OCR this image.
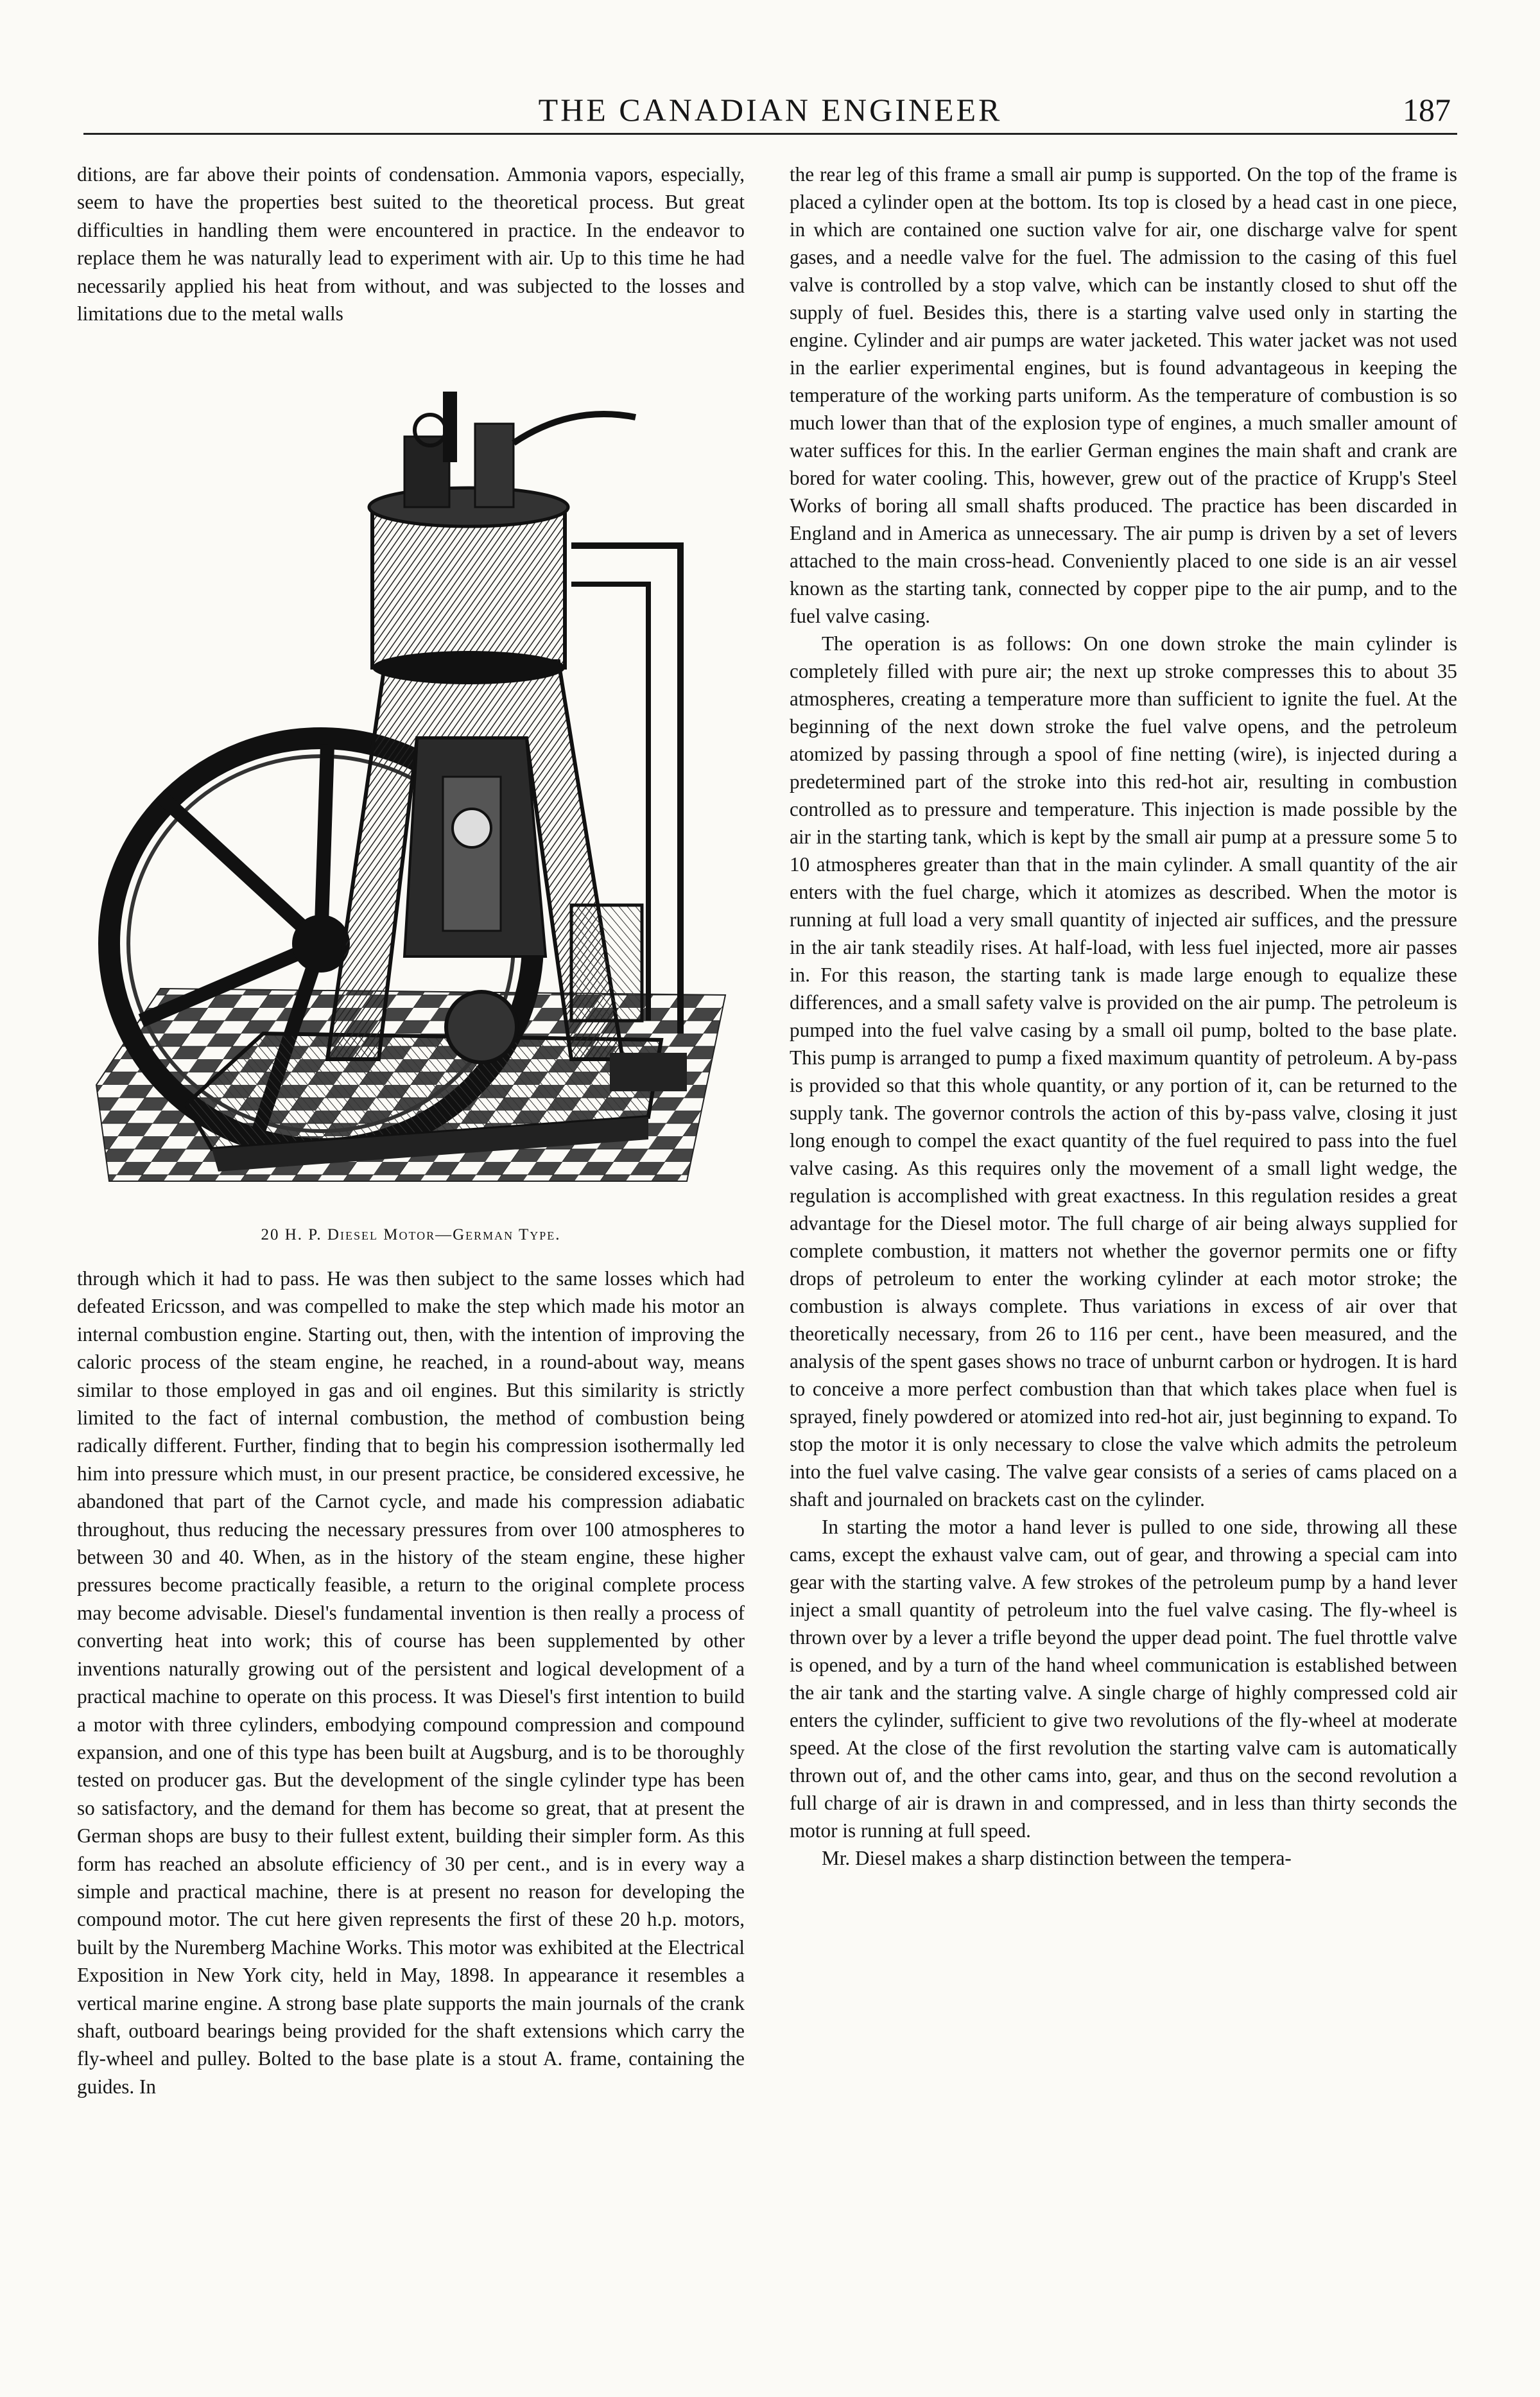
THE CANADIAN ENGINEER	187

ditions, are far above their points of condensation. Ammonia vapors, especially, seem to have the properties best suited to the theoretical process. But great difficulties in handling them were encountered in practice. In the endeavor to replace them he was naturally lead to experiment with air. Up to this time he had necessarily applied his heat from without, and was subjected to the losses and limitations due to the metal walls

20 H. P. Diesel Motor—German Type.

through which it had to pass. He was then subject to the same losses which had defeated Ericsson, and was compelled to make the step which made his motor an internal combustion engine. Starting out, then, with the intention of improving the caloric process of the steam engine, he reached, in a round-about way, means similar to those employed in gas and oil engines. But this similarity is strictly limited to the fact of internal combustion, the method of combustion being radically different. Further, finding that to begin his compression isothermally led him into pressure which must, in our present practice, be considered excessive, he abandoned that part of the Carnot cycle, and made his compression adiabatic throughout, thus reducing the necessary pressures from over 100 atmospheres to between 30 and 40. When, as in the history of the steam engine, these higher pressures become practically feasible, a return to the original complete process may become advisable. Diesel's fundamental invention is then really a process of converting heat into work; this of course has been supplemented by other inventions naturally growing out of the persistent and logical development of a practical machine to operate on this process. It was Diesel's first intention to build a motor with three cylinders, embodying compound compression and compound expansion, and one of this type has been built at Augsburg, and is to be thoroughly tested on producer gas. But the development of the single cylinder type has been so satisfactory, and the demand for them has become so great, that at present the German shops are busy to their fullest extent, building their simpler form. As this form has reached an absolute efficiency of 30 per cent., and is in every way a simple and practical machine, there is at present no reason for developing the compound motor. The cut here given represents the first of these 20 h.p. motors, built by the Nuremberg Machine Works. This motor was exhibited at the Electrical Exposition in New York city, held in May, 1898. In appearance it resembles a vertical marine engine. A strong base plate supports the main journals of the crank shaft, outboard bearings being provided for the shaft extensions which carry the fly-wheel and pulley. Bolted to the base plate is a stout A. frame, containing the guides. In

the rear leg of this frame a small air pump is supported. On the top of the frame is placed a cylinder open at the bottom. Its top is closed by a head cast in one piece, in which are contained one suction valve for air, one discharge valve for spent gases, and a needle valve for the fuel. The admission to the casing of this fuel valve is controlled by a stop valve, which can be instantly closed to shut off the supply of fuel. Besides this, there is a starting valve used only in starting the engine. Cylinder and air pumps are water jacketed. This water jacket was not used in the earlier experimental engines, but is found advantageous in keeping the temperature of the working parts uniform. As the temperature of combustion is so much lower than that of the explosion type of engines, a much smaller amount of water suffices for this. In the earlier German engines the main shaft and crank are bored for water cooling. This, however, grew out of the practice of Krupp's Steel Works of boring all small shafts produced. The practice has been discarded in England and in America as unnecessary. The air pump is driven by a set of levers attached to the main cross-head. Conveniently placed to one side is an air vessel known as the starting tank, connected by copper pipe to the air pump, and to the fuel valve casing.

The operation is as follows: On one down stroke the main cylinder is completely filled with pure air; the next up stroke compresses this to about 35 atmospheres, creating a temperature more than sufficient to ignite the fuel. At the beginning of the next down stroke the fuel valve opens, and the petroleum atomized by passing through a spool of fine netting (wire), is injected during a predetermined part of the stroke into this red-hot air, resulting in combustion controlled as to pressure and temperature. This injection is made possible by the air in the starting tank, which is kept by the small air pump at a pressure some 5 to 10 atmospheres greater than that in the main cylinder. A small quantity of the air enters with the fuel charge, which it atomizes as described. When the motor is running at full load a very small quantity of injected air suffices, and the pressure in the air tank steadily rises. At half-load, with less fuel injected, more air passes in. For this reason, the starting tank is made large enough to equalize these differences, and a small safety valve is provided on the air pump. The petroleum is pumped into the fuel valve casing by a small oil pump, bolted to the base plate. This pump is arranged to pump a fixed maximum quantity of petroleum. A by-pass is provided so that this whole quantity, or any portion of it, can be returned to the supply tank. The governor controls the action of this by-pass valve, closing it just long enough to compel the exact quantity of the fuel required to pass into the fuel valve casing. As this requires only the movement of a small light wedge, the regulation is accomplished with great exactness. In this regulation resides a great advantage for the Diesel motor. The full charge of air being always supplied for complete combustion, it matters not whether the governor permits one or fifty drops of petroleum to enter the working cylinder at each motor stroke; the combustion is always complete. Thus variations in excess of air over that theoretically necessary, from 26 to 116 per cent., have been measured, and the analysis of the spent gases shows no trace of unburnt carbon or hydrogen. It is hard to conceive a more perfect combustion than that which takes place when fuel is sprayed, finely powdered or atomized into red-hot air, just beginning to expand. To stop the motor it is only necessary to close the valve which admits the petroleum into the fuel valve casing. The valve gear consists of a series of cams placed on a shaft and journaled on brackets cast on the cylinder.

In starting the motor a hand lever is pulled to one side, throwing all these cams, except the exhaust valve cam, out of gear, and throwing a special cam into gear with the starting valve. A few strokes of the petroleum pump by a hand lever inject a small quantity of petroleum into the fuel valve casing. The fly-wheel is thrown over by a lever a trifle beyond the upper dead point. The fuel throttle valve is opened, and by a turn of the hand wheel communication is established between the air tank and the starting valve. A single charge of highly compressed cold air enters the cylinder, sufficient to give two revolutions of the fly-wheel at moderate speed. At the close of the first revolution the starting valve cam is automatically thrown out of, and the other cams into, gear, and thus on the second revolution a full charge of air is drawn in and compressed, and in less than thirty seconds the motor is running at full speed.

Mr. Diesel makes a sharp distinction between the tempera-
